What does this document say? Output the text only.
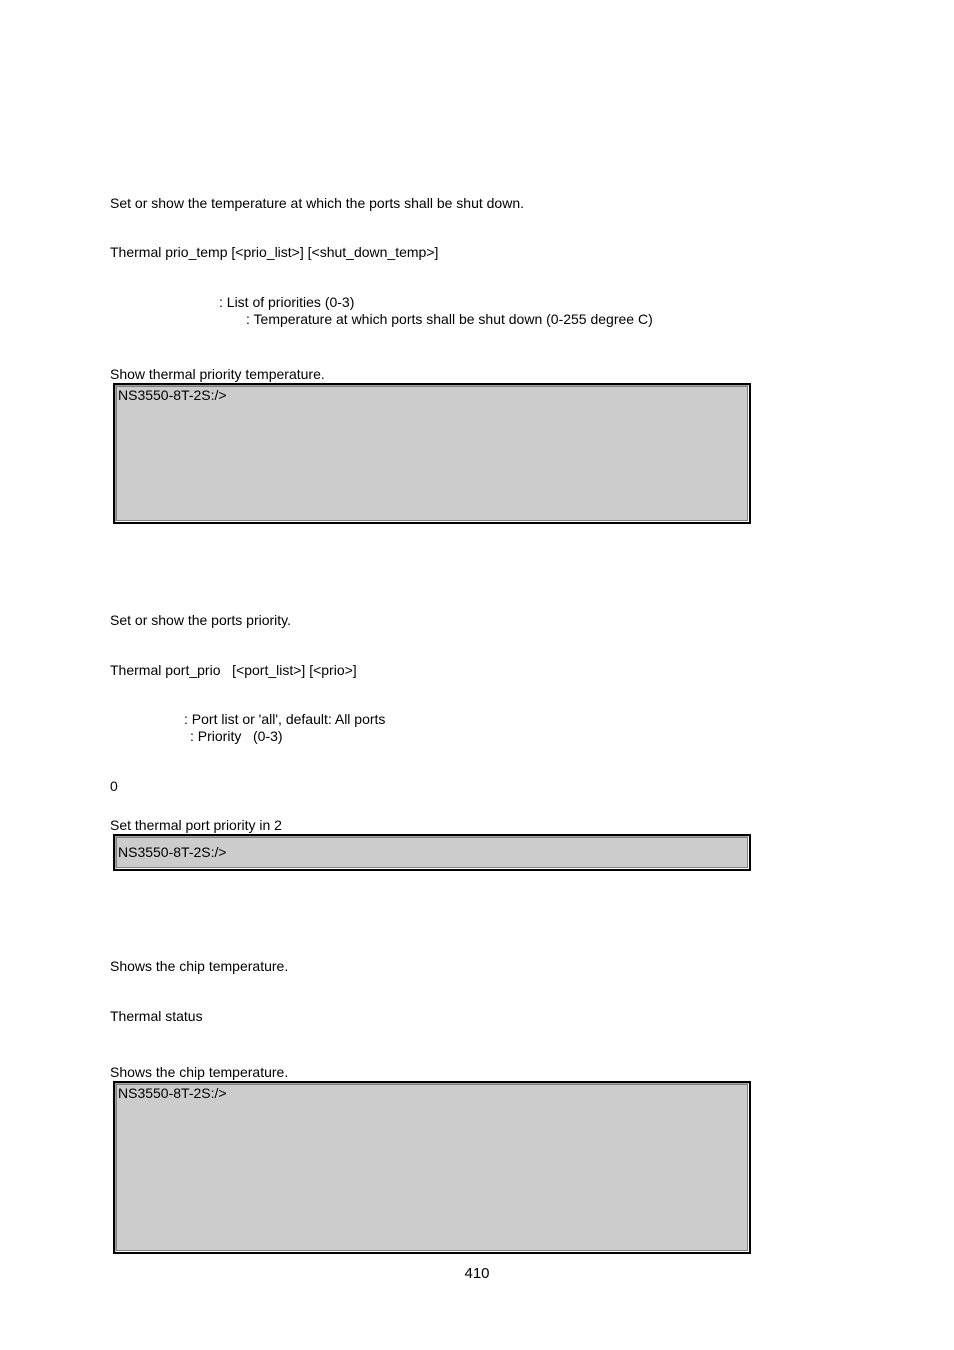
Set or show the temperature at which the ports shall be shut down.
Thermal prio_temp [<prio_list>] [<shut_down_temp>]
: List of priorities (0-3)
: Temperature at which ports shall be shut down (0-255 degree C)
Show thermal priority temperature.
NS3550-8T-2S:/>
Set or show the ports priority.
Thermal port_prio   [<port_list>] [<prio>]
: Port list or 'all', default: All ports
: Priority   (0-3)
0
Set thermal port priority in 2
NS3550-8T-2S:/>
Shows the chip temperature.
Thermal status
Shows the chip temperature.
NS3550-8T-2S:/>
410
